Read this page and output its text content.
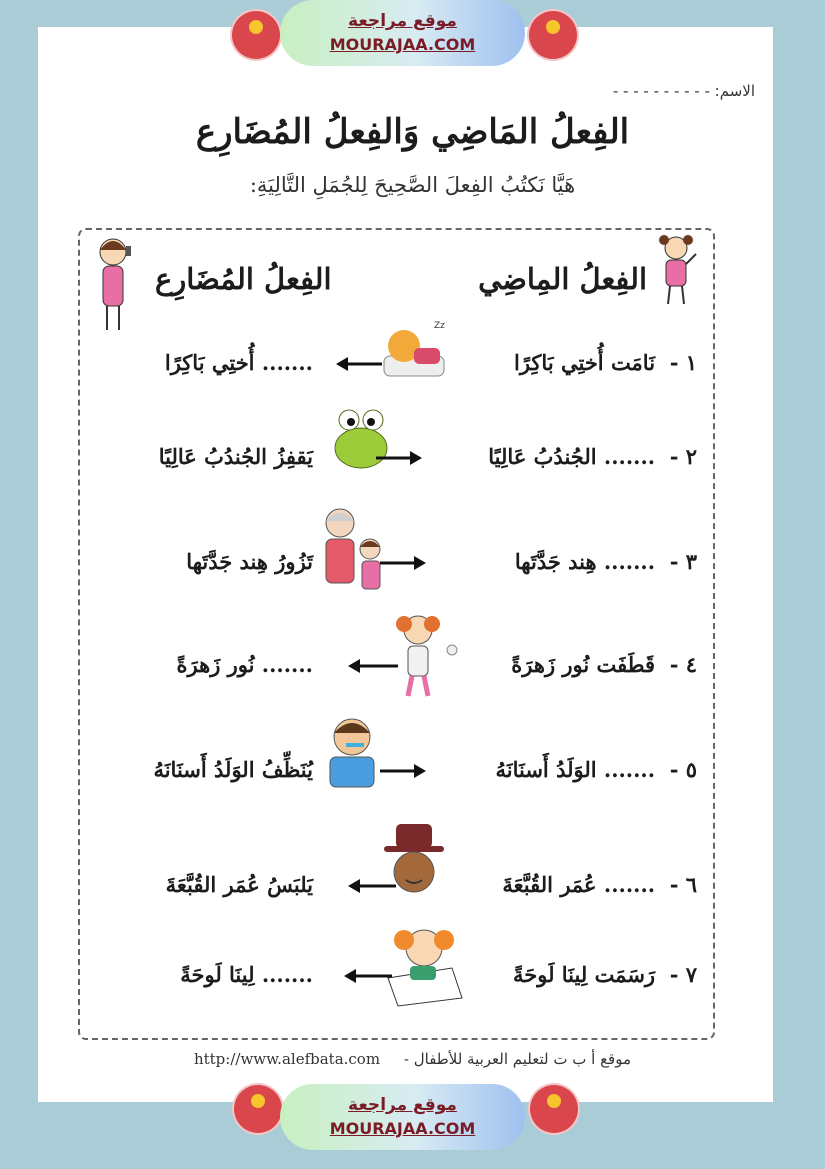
موقع مراجعة
MOURAJAA.COM
الاسم: - - - - - - - - - -
الفِعلُ المَاضِي وَالفِعلُ المُضَارِع
هَيَّا نَكتُبُ الفِعلَ الصَّحِيحَ لِلجُمَلِ التَّالِيَةِ:
الفِعلُ المِاضِي
الفِعلُ المُضَارِع
١ -  نَامَت أُختِي بَاكِرًا
Zz
....... أُختِي بَاكِرًا
٢ -  ....... الجُندُبُ عَالِيًا
يَقفِزُ الجُندُبُ عَالِيًا
٣ -  ....... هِند جَدَّتَها
تَزُورُ هِند جَدَّتَها
٤ -  قَطَفَت نُور زَهرَةً
....... نُور زَهرَةً
٥ -  ....... الوَلَدُ أَسنَانَهُ
يُنَظِّفُ الوَلَدُ أَسنَانَهُ
٦ -  ....... عُمَر القُبَّعَةَ
يَلبَسُ عُمَر القُبَّعَةَ
٧ -  رَسَمَت لِينَا لَوحَةً
....... لِينَا لَوحَةً
http://www.alefbata.com موقع أ ب ت لتعليم العربية للأطفال -
موقع مراجعة
MOURAJAA.COM
